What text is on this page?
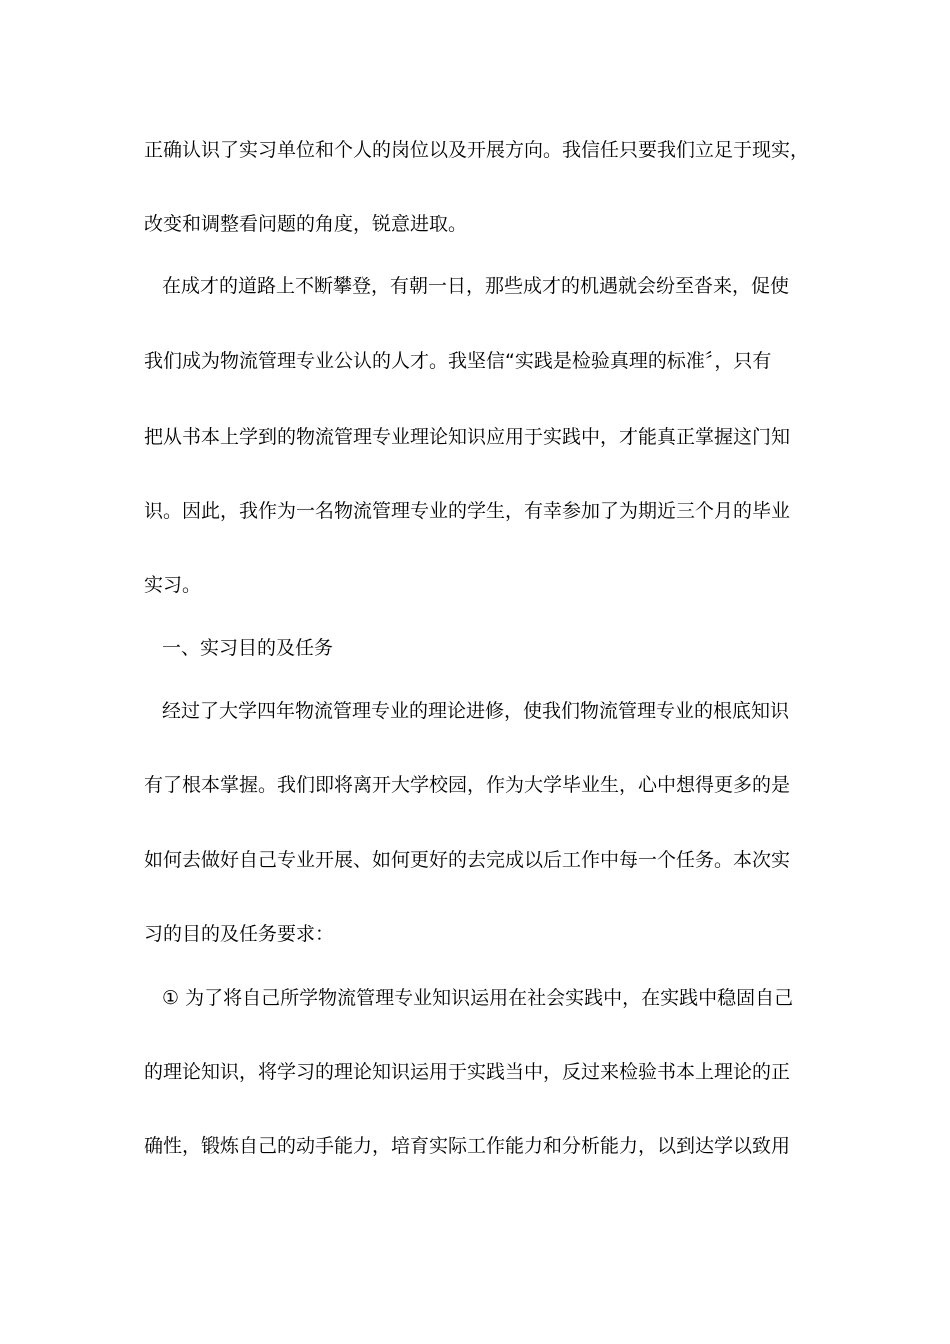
正确认识了实习单位和个人的岗位以及开展方向。我信任只要我们立足于现实，
改变和调整看问题的角度，锐意进取。
在成才的道路上不断攀登，有朝一日，那些成才的机遇就会纷至沓来，促使
我们成为物流管理专业公认的人才。我坚信“实践是检验真理的标准〞，只有
把从书本上学到的物流管理专业理论知识应用于实践中，才能真正掌握这门知
识。因此，我作为一名物流管理专业的学生，有幸参加了为期近三个月的毕业
实习。
一、实习目的及任务
经过了大学四年物流管理专业的理论进修，使我们物流管理专业的根底知识
有了根本掌握。我们即将离开大学校园，作为大学毕业生，心中想得更多的是
如何去做好自己专业开展、如何更好的去完成以后工作中每一个任务。本次实
习的目的及任务要求：
① 为了将自己所学物流管理专业知识运用在社会实践中，在实践中稳固自己
的理论知识，将学习的理论知识运用于实践当中，反过来检验书本上理论的正
确性，锻炼自己的动手能力，培育实际工作能力和分析能力，以到达学以致用
